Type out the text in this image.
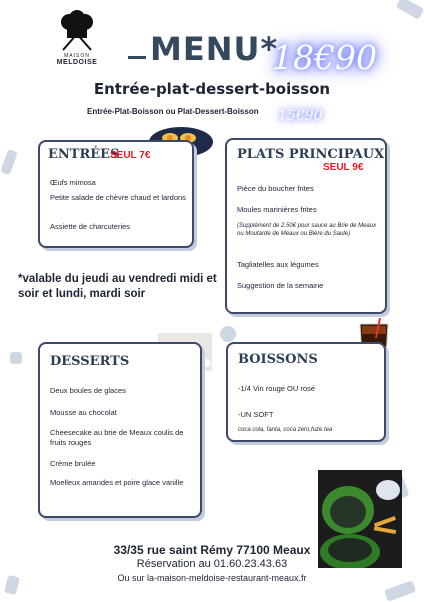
MAISON
MELDOISE MENU*
18€90
Entrée-plat-dessert-boisson
Entrée-Plat-Boisson ou Plat-Dessert-Boisson 15€90
ENTRÉES
SEUL 7€
Œufs mimosa
Petite salade de chèvre chaud et lardons
Assiette de charcuteries
PLATS PRINCIPAUX
SEUL 9€
Pièce du boucher frites
Moules marinières frites
(Supplément de 2,50€ pour sauce au Brie de Meaux ou Moutarde de Meaux ou Bière du Saule)
Tagliatelles aux légumes
Suggestion de la semaine
*valable du jeudi au vendredi midi et soir et lundi, mardi soir
DESSERTS
Deux boules de glaces
Mousse au chocolat
Cheesecake au brie de Meaux coulis de fruits rouges
Crème brulée
Moelleux amandes et poire glace vanille
BOISSONS
-1/4 Vin rouge OU rosé
-UN SOFT
coca cola, fanta, coca zero,fuze tea
33/35 rue saint Rémy 77100 Meaux
Réservation au 01.60.23.43.63
Ou sur la-maison-meldoise-restaurant-meaux.fr
